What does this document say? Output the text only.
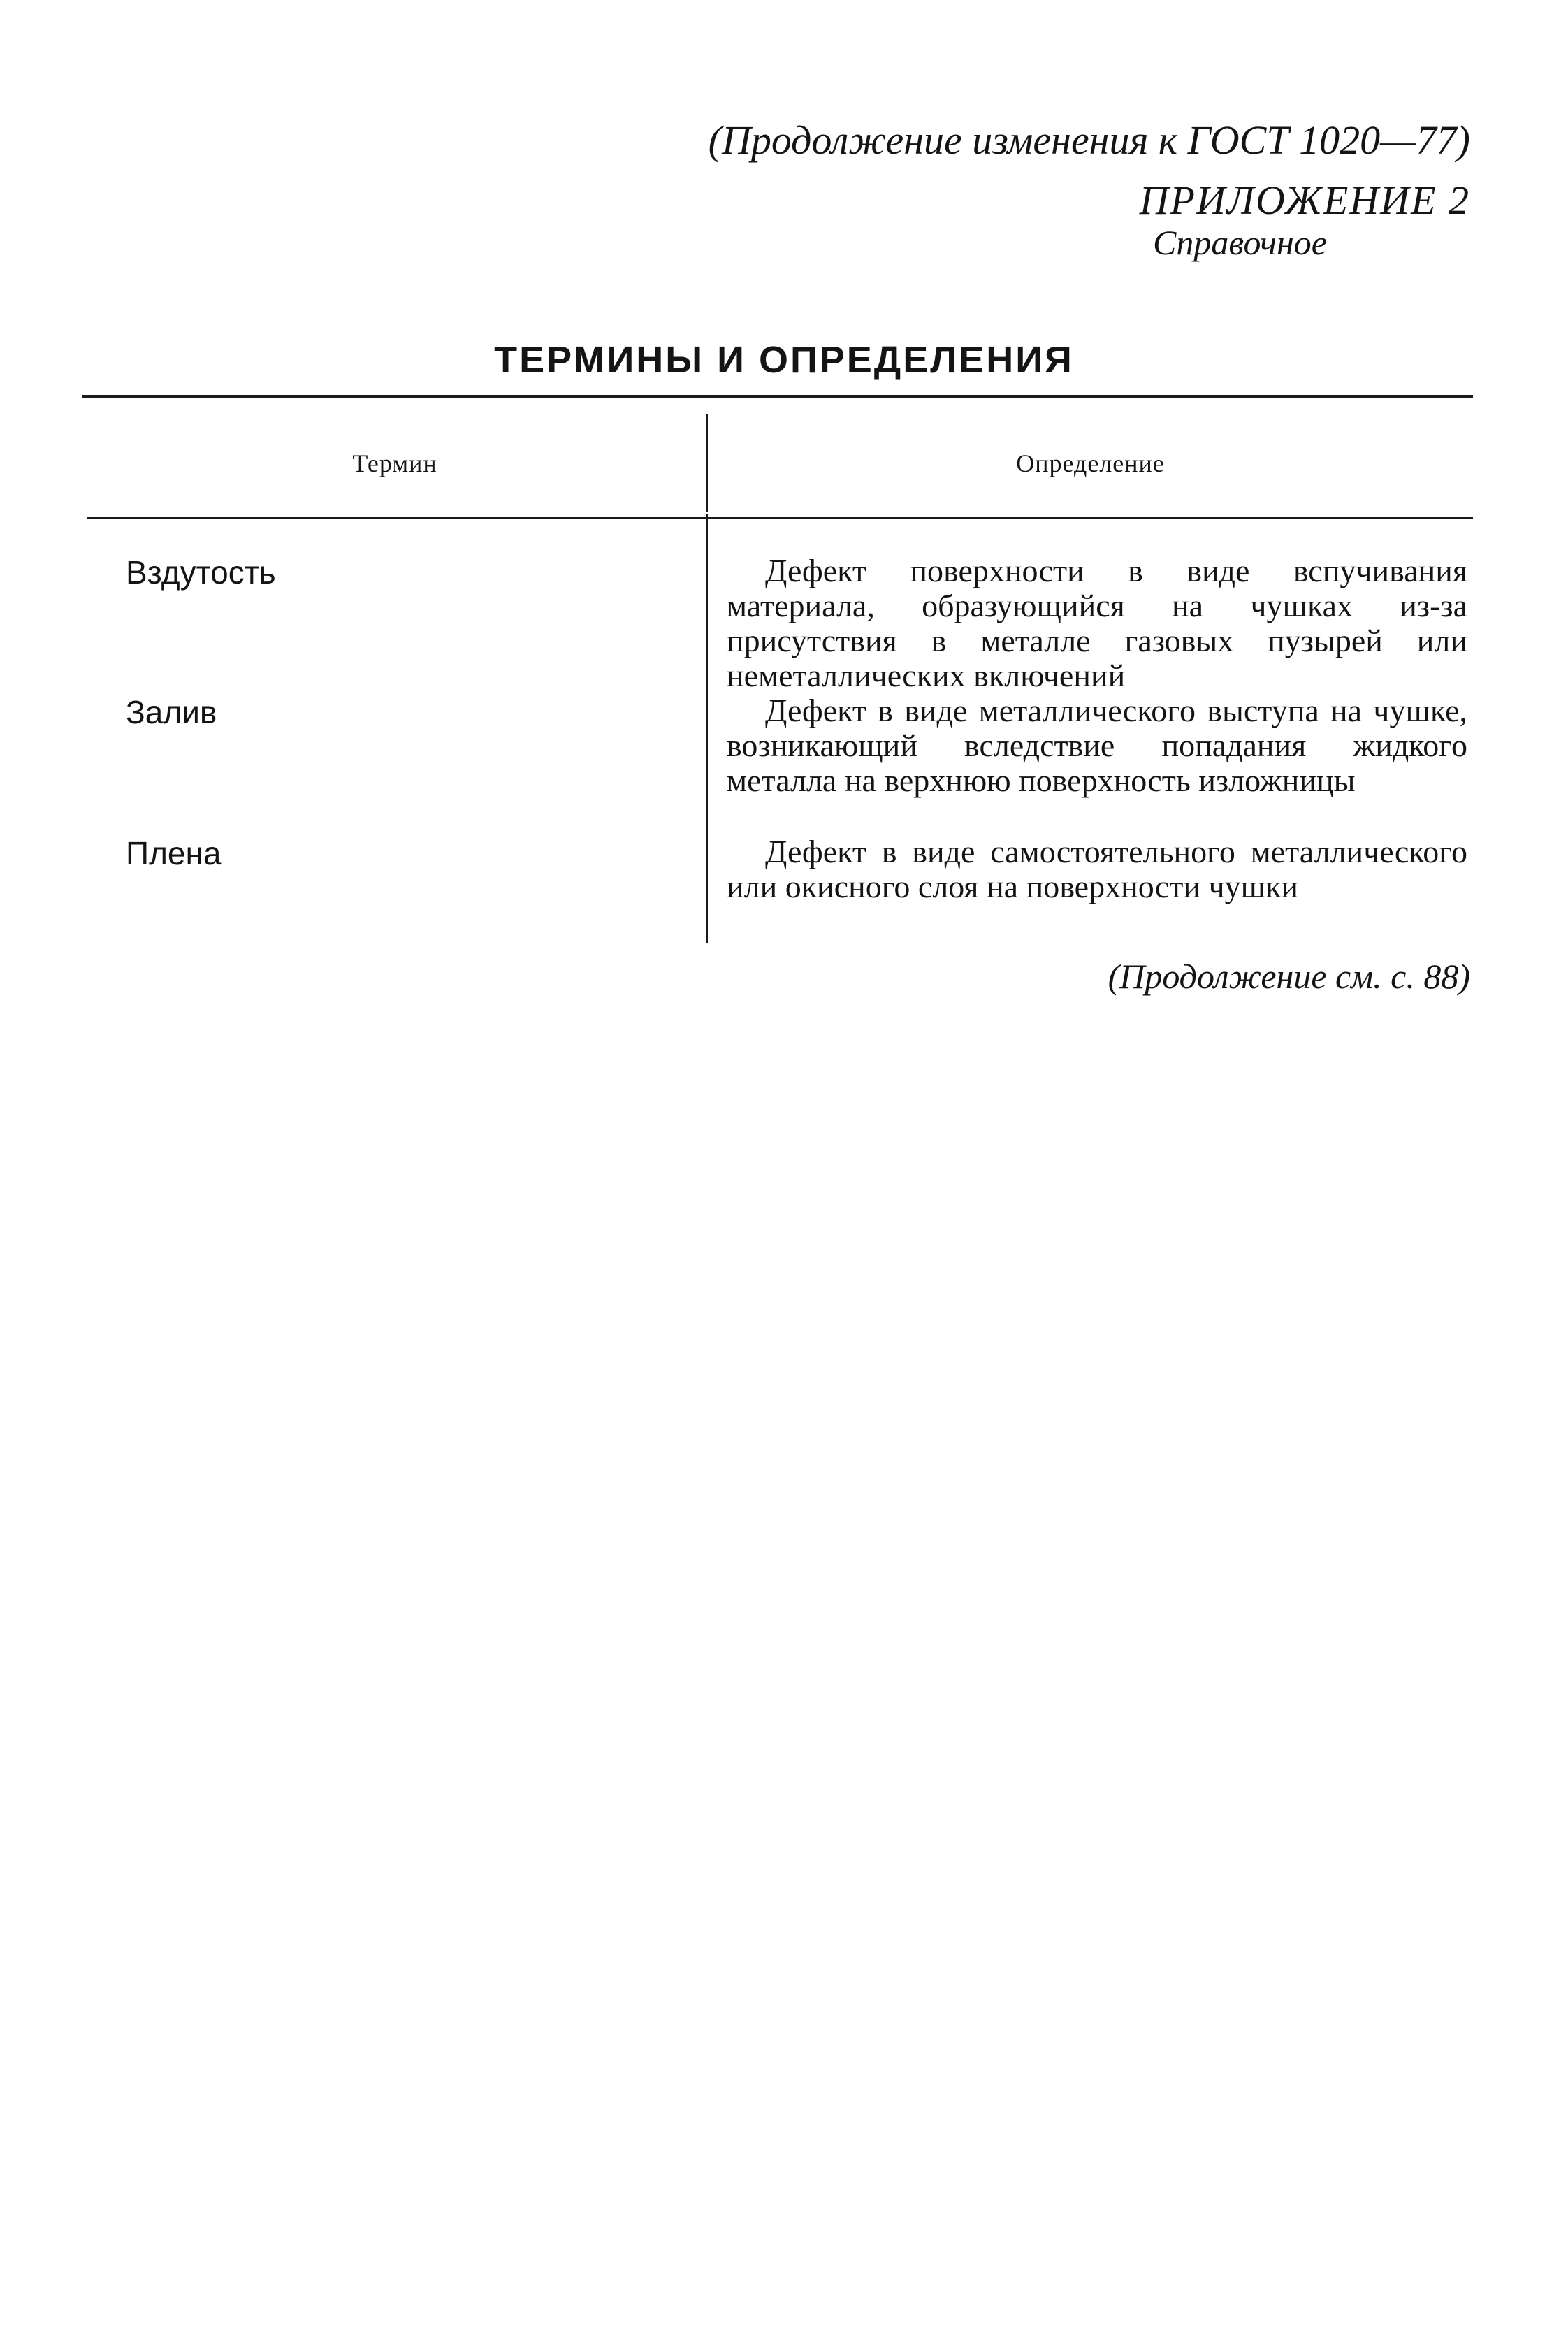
(Продолжение изменения к ГОСТ 1020—77)
ПРИЛОЖЕНИЕ 2
Справочное
ТЕРМИНЫ И ОПРЕДЕЛЕНИЯ
Термин	Определение
Вздутость	Дефект поверхности в виде вспучивания материала, образующийся на чушках из-за присутствия в металле газовых пузырей или неметаллических включений
Залив	Дефект в виде металлического выступа на чушке, возникающий вследствие попадания жидкого металла на верхнюю поверхность изложницы
Плена	Дефект в виде самостоятельного металлического или окисного слоя на поверхности чушки
(Продолжение см. с. 88)
